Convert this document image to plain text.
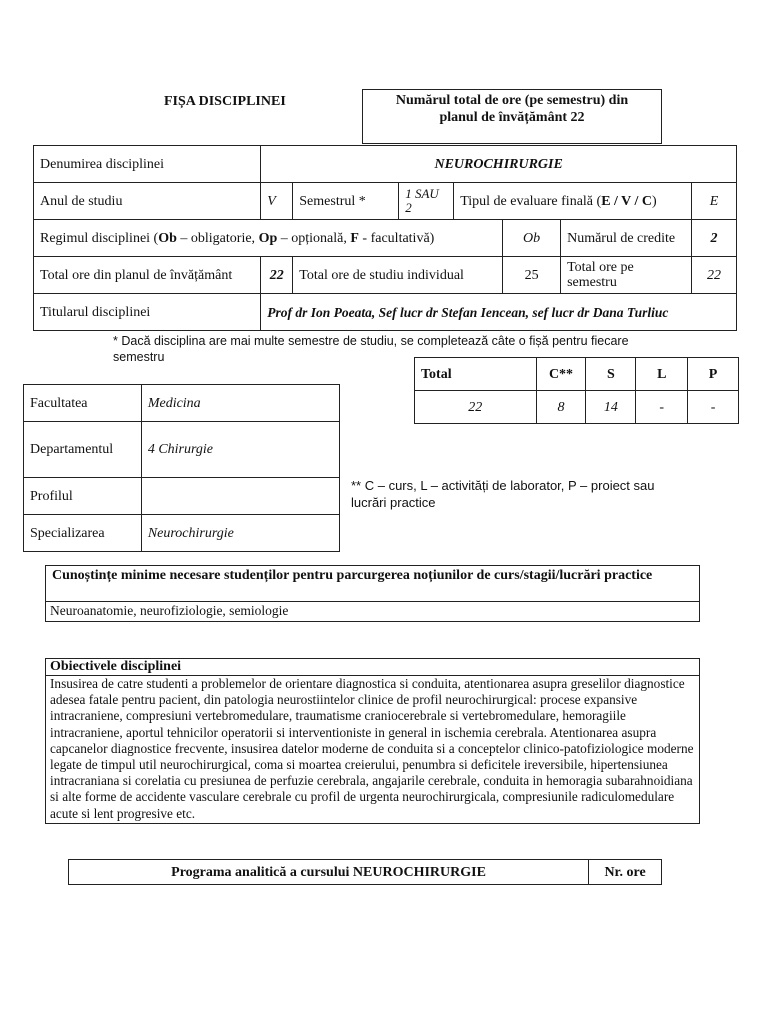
FIȘA DISCIPLINEI	Numărul total de ore (pe semestru) din planul de învățământ 22
Denumirea disciplinei	NEUROCHIRURGIE						
Anul de studiu	V	Semestrul *	1 SAU 2	Tipul de evaluare finală (E / V / C)			E
Regimul disciplinei (Ob – obligatorie, Op – opțională, F - facultativă)					Ob	Numărul de credite	2
Total ore din planul de învățământ	22	Total ore de studiu individual			25	Total ore pe semestru	22
Titularul disciplinei	Prof dr Ion Poeata, Sef lucr dr Stefan Iencean, sef lucr dr Dana Turliuc						
* Dacă disciplina are mai multe semestre de studiu, se completează câte o fișă pentru fiecare semestru
Facultatea	Medicina
Departamentul	4 Chirurgie
Profilul	
Specializarea	Neurochirurgie
Total	C**	S	L	P
22	8	14	-	-
** C – curs, L – activități de laborator, P – proiect sau lucrări practice
Cunoștințe minime necesare studenților pentru parcurgerea noțiunilor de curs/stagii/lucrări practice
Neuroanatomie, neurofiziologie, semiologie
Obiectivele disciplinei
Insusirea de catre studenti a problemelor de orientare diagnostica si conduita, atentionarea asupra greselilor diagnostice adesea fatale pentru pacient, din patologia neurostiintelor clinice de profil neurochirurgical: procese expansive intracraniene, compresiuni vertebromedulare, traumatisme craniocerebrale si vertebromedulare, hemoragiile intracraniene, aportul tehnicilor operatorii si interventioniste in general in ischemia cerebrala. Atentionarea asupra capcanelor diagnostice frecvente, insusirea datelor moderne de conduita si a conceptelor clinico-patofiziologice moderne legate de timpul util neurochirurgical, coma si moartea creierului, penumbra si deficitele ireversibile, hipertensiunea intracraniana si corelatia cu presiunea de perfuzie cerebrala, angajarile cerebrale, conduita in hemoragia subarahnoidiana si alte forme de accidente vasculare cerebrale cu profil de urgenta neurochirurgicala, compresiunile radiculomedulare acute si lent progresive etc.
Programa analitică a cursului NEUROCHIRURGIE	Nr. ore
